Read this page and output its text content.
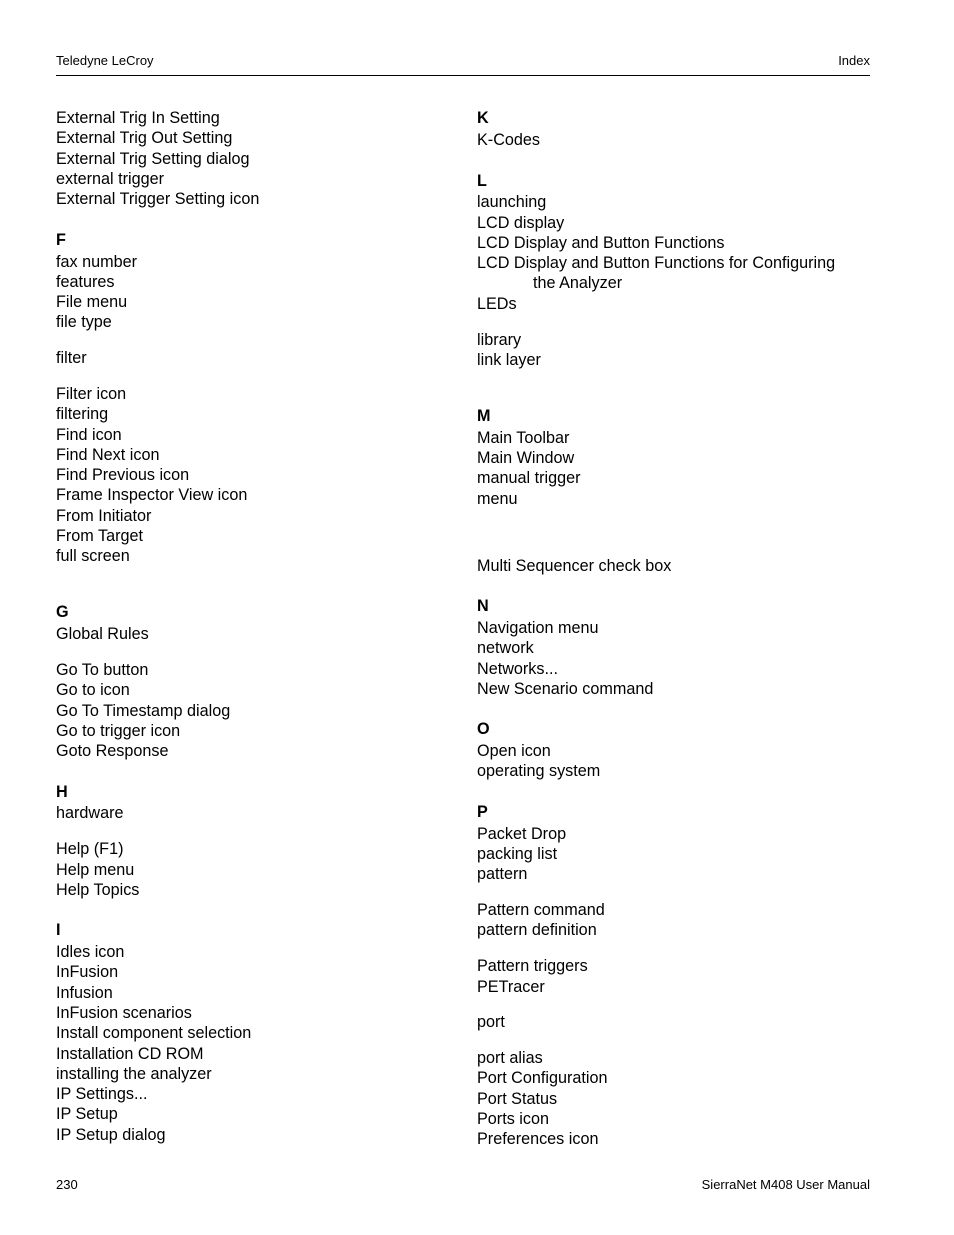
Teledyne LeCroy	Index
External Trig In Setting
External Trig Out Setting
External Trig Setting dialog
external trigger
External Trigger Setting icon
F
fax number
features
File menu
file type
filter
Filter icon
filtering
Find icon
Find Next icon
Find Previous icon
Frame Inspector View icon
From Initiator
From Target
full screen
G
Global Rules
Go To button
Go to icon
Go To Timestamp dialog
Go to trigger icon
Goto Response
H
hardware
Help (F1)
Help menu
Help Topics
I
Idles icon
InFusion
Infusion
InFusion scenarios
Install component selection
Installation CD ROM
installing the analyzer
IP Settings...
IP Setup
IP Setup dialog
K
K-Codes
L
launching
LCD display
LCD Display and Button Functions
LCD Display and Button Functions for Configuring
the Analyzer
LEDs
library
link layer
M
Main Toolbar
Main Window
manual trigger
menu
Multi Sequencer check box
N
Navigation menu
network
Networks...
New Scenario command
O
Open icon
operating system
P
Packet Drop
packing list
pattern
Pattern command
pattern definition
Pattern triggers
PETracer
port
port alias
Port Configuration
Port Status
Ports icon
Preferences icon
230	SierraNet M408 User Manual
